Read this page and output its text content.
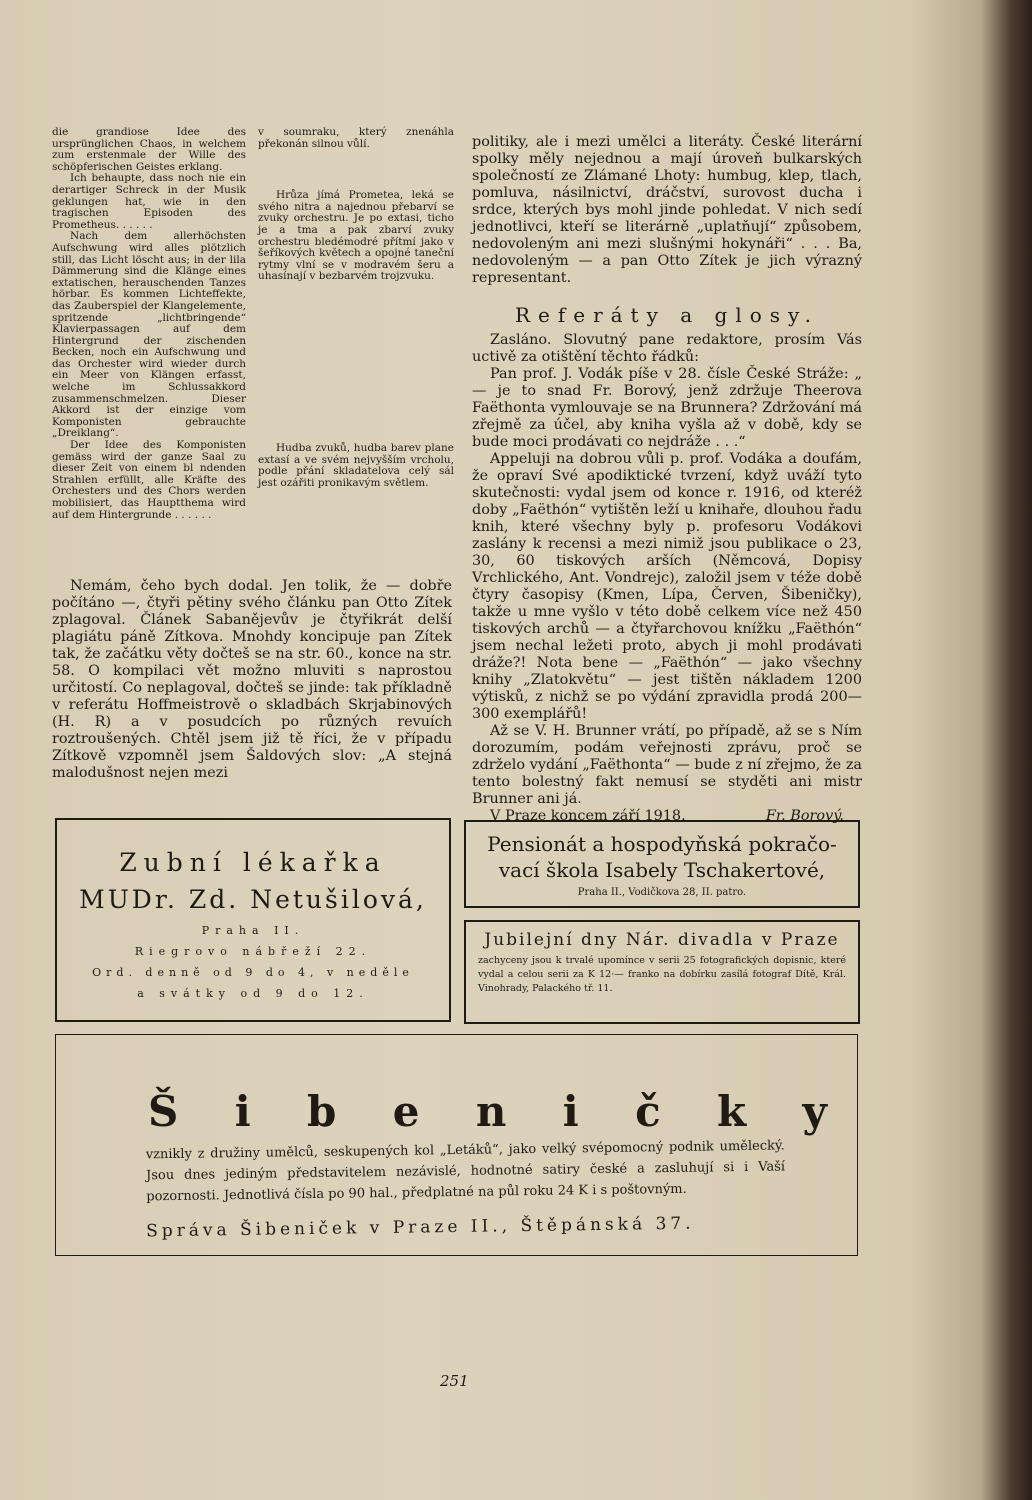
die grandiose Idee des ursprünglichen Chaos, in welchem zum erstenmale der Wille des schöpferischen Geistes erklang.

Ich behaupte, dass noch nie ein derartiger Schreck in der Musik geklungen hat, wie in den tragischen Episoden des Prometheus. . . . . .

Nach dem allerhöchsten Aufschwung wird alles plötzlich still, das Licht löscht aus; in der lila Dämmerung sind die Klänge eines extatischen, herauschenden Tanzes hörbar. Es kommen Lichteffekte, das Zauberspiel der Klangelemente, spritzende „lichtbringende“ Klavierpassagen auf dem Hintergrund der zischenden Becken, noch ein Aufschwung und das Orchester wird wieder durch ein Meer von Klängen erfasst, welche im Schlussakkord zusammenschmelzen. Dieser Akkord ist der einzige vom Komponisten gebrauchte „Dreiklang“.

Der Idee des Komponisten gemäss wird der ganze Saal zu dieser Zeit von einem bl ndenden Strahlen erfüllt, alle Kräfte des Orchesters und des Chors werden mobilisiert, das Hauptthema wird auf dem Hintergrunde . . . . . .

v soumraku, který znenáhla překonán silnou vůlí.

Hrůza jímá Prometea, leká se svého nitra a najednou přebarví se zvuky orchestru. Je po extasi, ticho je a tma a pak zbarví zvuky orchestru bledémodré přítmí jako v šeříkových květech a opojné taneční rytmy vlní se v modravém šeru a uhasínají v bezbarvém trojzvuku.

Hudba zvuků, hudba barev plane extasí a ve svém nejvyšším vrcholu, podle přání skladatelova celý sál jest ozářiti pronikavým světlem.

Nemám, čeho bych dodal. Jen tolik, že — dobře počítáno —, čtyři pětiny svého článku pan Otto Zítek zplagoval. Článek Sabanějevův je čtyřikrát delší plagiátu páně Zítkova. Mnohdy koncipuje pan Zítek tak, že začátku věty dočteš se na str. 60., konce na str. 58. O kompilaci vět možno mluviti s naprostou určitostí. Co neplagoval, dočteš se jinde: tak příkladně v referátu Hoffmeistrově o skladbách Skrjabinových (H. R) a v posudcích po různých revuích roztroušených. Chtěl jsem již tě říci, že v případu Zítkově vzpomněl jsem Šaldových slov: „A stejná malodušnost nejen mezi

politiky, ale i mezi umělci a literáty. České literární spolky měly nejednou a mají úroveň bulkarských společností ze Zlámané Lhoty: humbug, klep, tlach, pomluva, násilnictví, dráčství, surovost ducha i srdce, kterých bys mohl jinde pohledat. V nich sedí jednotlivci, kteří se literárně „uplatňují“ způsobem, nedovoleným ani mezi slušnými hokynáři“ . . . Ba, nedovoleným — a pan Otto Zítek je jich výrazný representant.

Referáty a glosy.

Zasláno. Slovutný pane redaktore, prosím Vás uctivě za otištění těchto řádků:

Pan prof. J. Vodák píše v 28. čísle České Stráže: „ — je to snad Fr. Borový, jenž zdržuje Theerova Faëthonta vymlouvaje se na Brunnera? Zdržování má zřejmě za účel, aby kniha vyšla až v době, kdy se bude moci prodávati co nejdráže . . .“

Appeluji na dobrou vůli p. prof. Vodáka a doufám, že opraví Své apodiktické tvrzení, když uváží tyto skutečnosti: vydal jsem od konce r. 1916, od kteréž doby „Faëthón“ vytištěn leží u knihaře, dlouhou řadu knih, které všechny byly p. profesoru Vodákovi zaslány k recensi a mezi nimiž jsou publikace o 23, 30, 60 tiskových arších (Němcová, Dopisy Vrchlického, Ant. Vondrejc), založil jsem v téže době čtyry časopisy (Kmen, Lípa, Červen, Šibeničky), takže u mne vyšlo v této době celkem více než 450 tiskových archů — a čtyřarchovou knížku „Faëthón“ jsem nechal ležeti proto, abych ji mohl prodávati dráže?! Nota bene — „Faëthón“ — jako všechny knihy „Zlatokvětu“ — jest tištěn nákladem 1200 výtisků, z nichž se po výdání zpravidla prodá 200—300 exemplářů!

Až se V. H. Brunner vrátí, po případě, až se s Ním dorozumím, podám veřejnosti zprávu, proč se zdrželo vydání „Faëthonta“ — bude z ní zřejmo, že za tento bolestný fakt nemusí se styděti ani mistr Brunner ani já.

V Praze koncem září 1918.	Fr. Borový.
Zubní lékařka
MUDr. Zd. Netušilová,
Praha II.
Riegrovo nábřeží 22.
Ord. denně od 9 do 4, v neděle
a svátky od 9 do 12.
Pensionát a hospodyňská pokračo-
vací škola Isabely Tschakertové,
Praha II., Vodičkova 28, II. patro.
Jubilejní dny Nár. divadla v Praze

zachyceny jsou k trvalé upomínce v serii 25 fotografických dopisnic, které vydal a celou serii za K 12·— franko na dobírku zasílá fotograf Dítě, Král. Vinohrady, Palackého tř. 11.

Š i b e n i č k y

vznikly z družiny umělců, seskupených kol „Letáků“, jako velký svépomocný podnik umělecký. Jsou dnes jediným představitelem nezávislé, hodnotné satiry české a zasluhují si i Vaší pozornosti. Jednotlivá čísla po 90 hal., předplatné na půl roku 24 K i s poštovným.

Správa Šibeniček v Praze II., Štěpánská 37.
251
